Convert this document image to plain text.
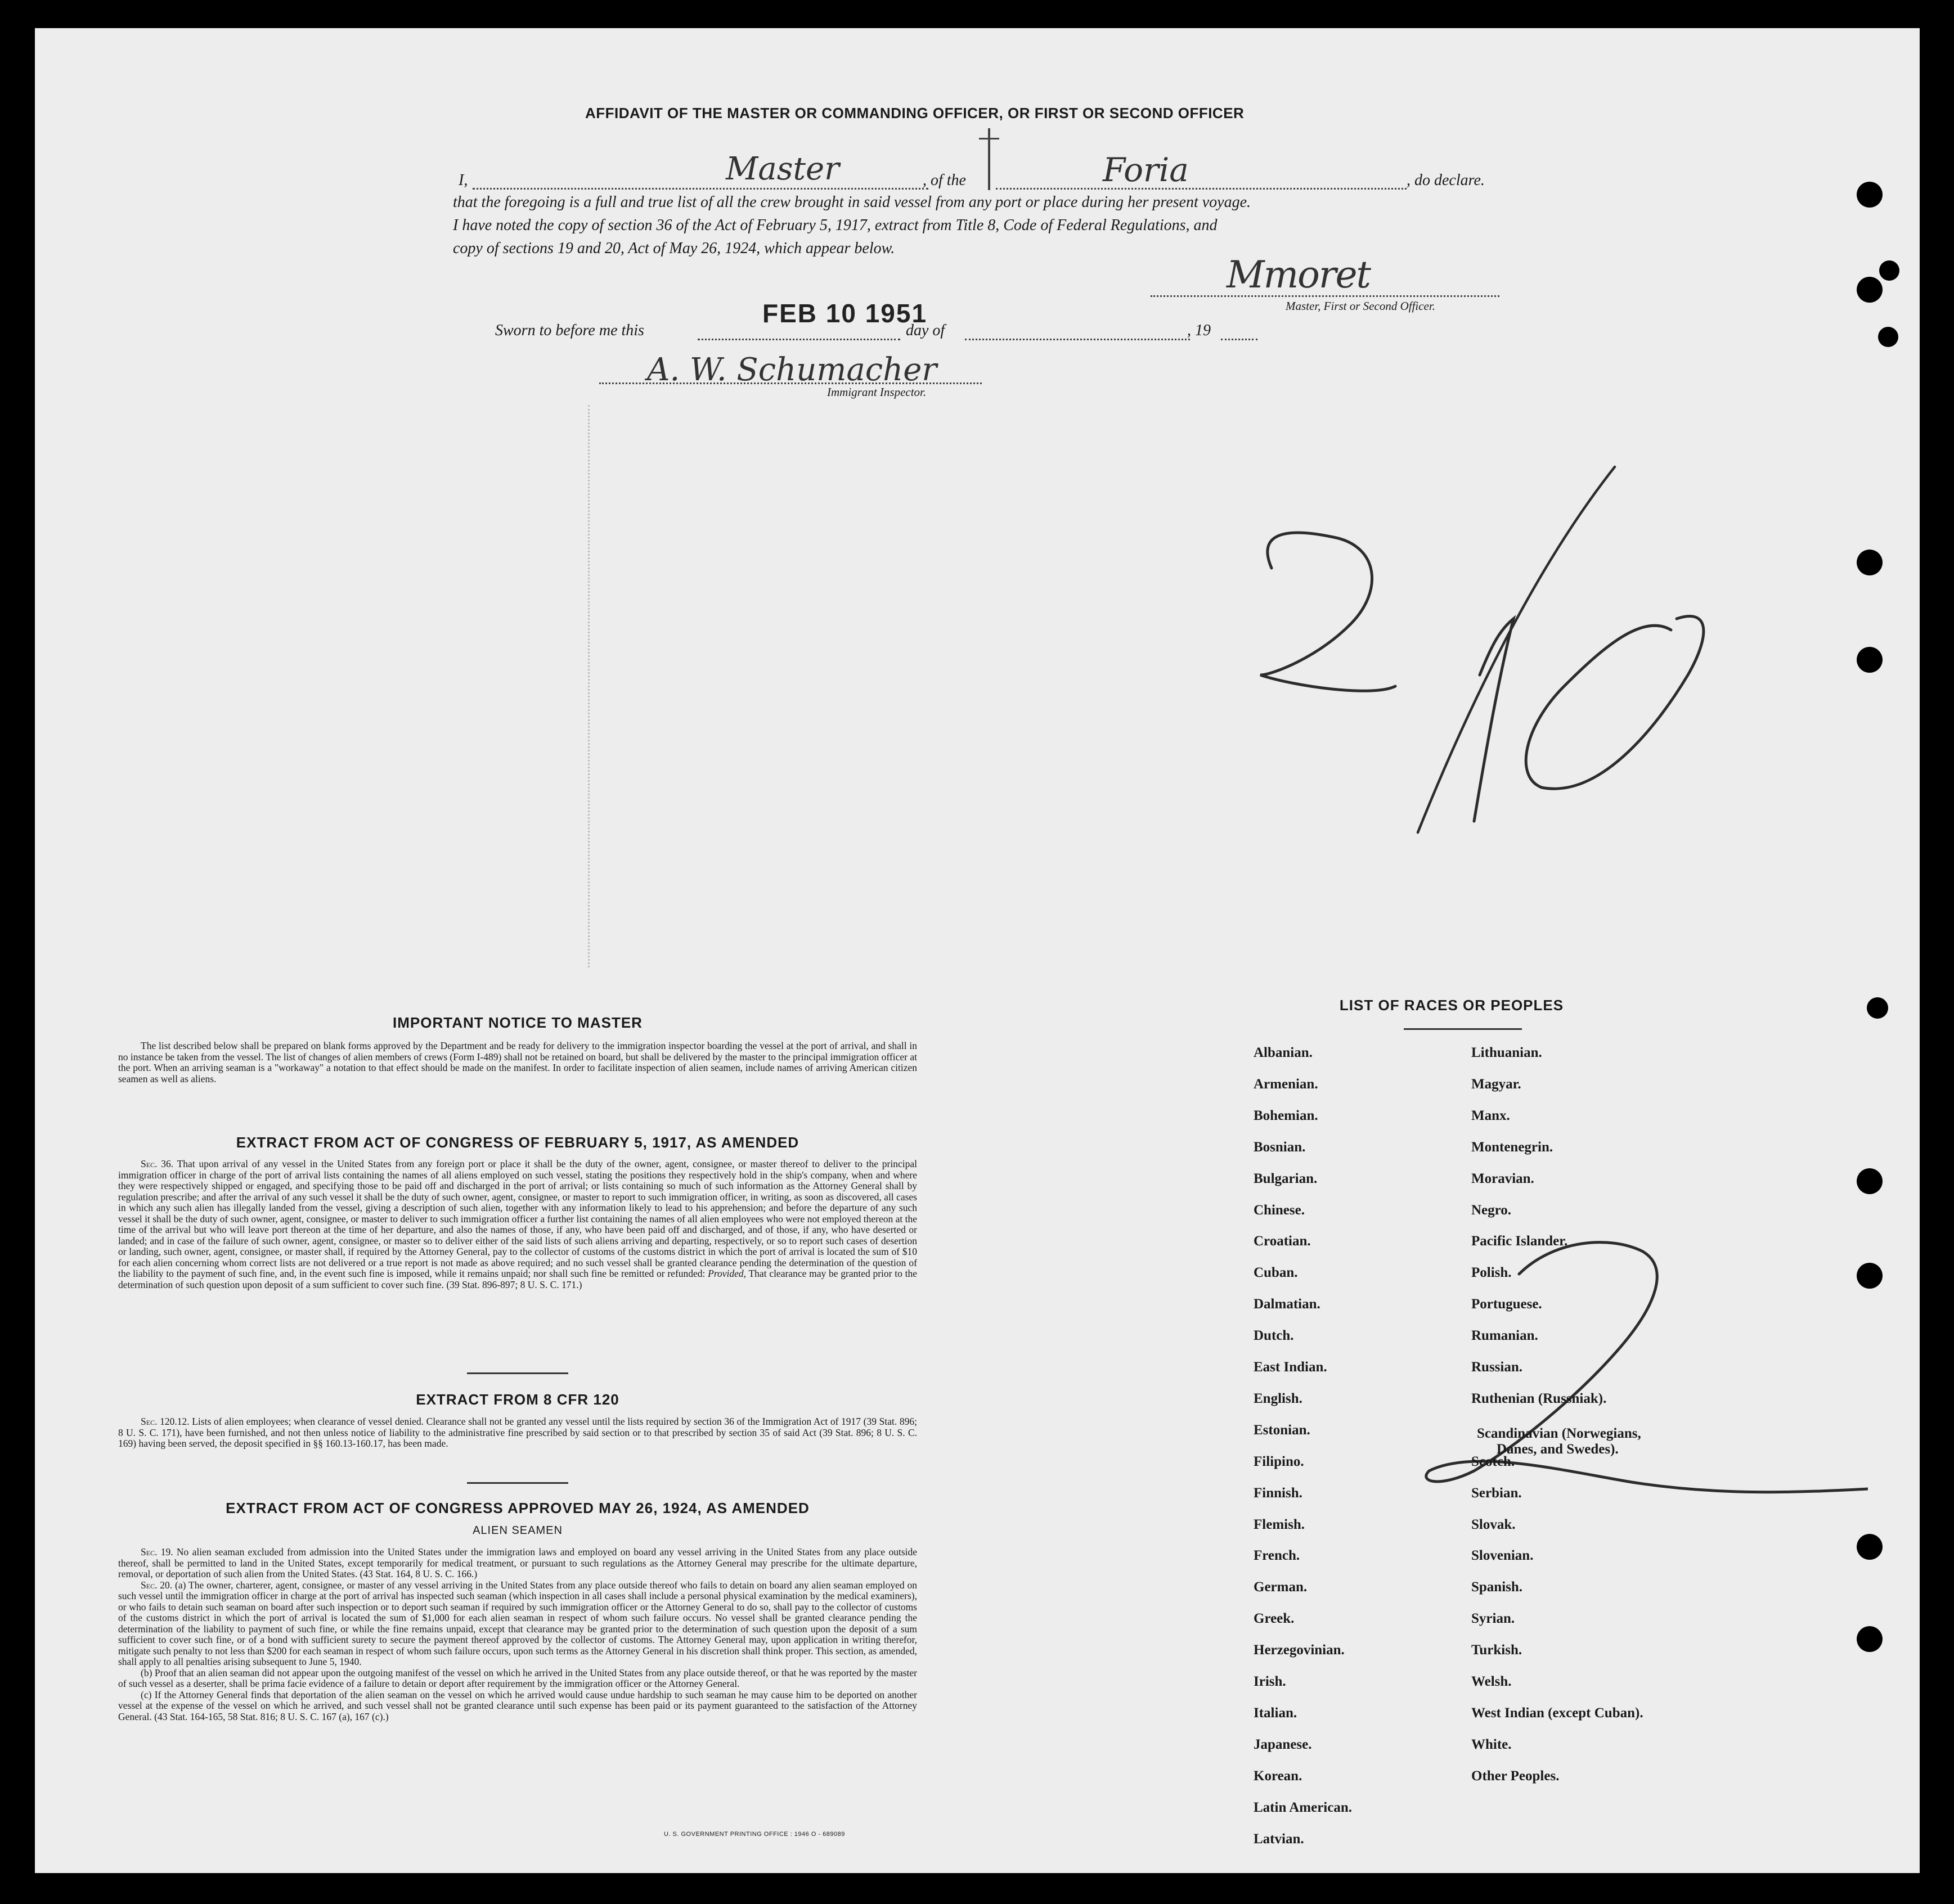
AFFIDAVIT OF THE MASTER OR COMMANDING OFFICER, OR FIRST OR SECOND OFFICER
I,	Master	, of the	Foria	, do declare.
that the foregoing is a full and true list of all the crew brought in said vessel from any port or place during her present voyage.
I have noted the copy of section 36 of the Act of February 5, 1917, extract from Title 8, Code of Federal Regulations, and
copy of sections 19 and 20, Act of May 26, 1924, which appear below.
Mmoret
Master, First or Second Officer.
Sworn to before me this
FEB 10 1951
day of	, 19
A. W. Schumacher
Immigrant Inspector.
IMPORTANT NOTICE TO MASTER

The list described below shall be prepared on blank forms approved by the Department and be ready for delivery to the immigration inspector boarding the vessel at the port of arrival, and shall in no instance be taken from the vessel. The list of changes of alien members of crews (Form I-489) shall not be retained on board, but shall be delivered by the master to the principal immigration officer at the port. When an arriving seaman is a "workaway" a notation to that effect should be made on the manifest. In order to facilitate inspection of alien seamen, include names of arriving American citizen seamen as well as aliens.

EXTRACT FROM ACT OF CONGRESS OF FEBRUARY 5, 1917, AS AMENDED

Sec. 36. That upon arrival of any vessel in the United States from any foreign port or place it shall be the duty of the owner, agent, consignee, or master thereof to deliver to the principal immigration officer in charge of the port of arrival lists containing the names of all aliens employed on such vessel, stating the positions they respectively hold in the ship's company, when and where they were respectively shipped or engaged, and specifying those to be paid off and discharged in the port of arrival; or lists containing so much of such information as the Attorney General shall by regulation prescribe; and after the arrival of any such vessel it shall be the duty of such owner, agent, consignee, or master to report to such immigration officer, in writing, as soon as discovered, all cases in which any such alien has illegally landed from the vessel, giving a description of such alien, together with any information likely to lead to his apprehension; and before the departure of any such vessel it shall be the duty of such owner, agent, consignee, or master to deliver to such immigration officer a further list containing the names of all alien employees who were not employed thereon at the time of the arrival but who will leave port thereon at the time of her departure, and also the names of those, if any, who have been paid off and discharged, and of those, if any, who have deserted or landed; and in case of the failure of such owner, agent, consignee, or master so to deliver either of the said lists of such aliens arriving and departing, respectively, or so to report such cases of desertion or landing, such owner, agent, consignee, or master shall, if required by the Attorney General, pay to the collector of customs of the customs district in which the port of arrival is located the sum of $10 for each alien concerning whom correct lists are not delivered or a true report is not made as above required; and no such vessel shall be granted clearance pending the determination of the question of the liability to the payment of such fine, and, in the event such fine is imposed, while it remains unpaid; nor shall such fine be remitted or refunded: Provided, That clearance may be granted prior to the determination of such question upon deposit of a sum sufficient to cover such fine. (39 Stat. 896-897; 8 U. S. C. 171.)

EXTRACT FROM 8 CFR 120

Sec. 120.12. Lists of alien employees; when clearance of vessel denied. Clearance shall not be granted any vessel until the lists required by section 36 of the Immigration Act of 1917 (39 Stat. 896; 8 U. S. C. 171), have been furnished, and not then unless notice of liability to the administrative fine prescribed by said section or to that prescribed by section 35 of said Act (39 Stat. 896; 8 U. S. C. 169) having been served, the deposit specified in §§ 160.13-160.17, has been made.

EXTRACT FROM ACT OF CONGRESS APPROVED MAY 26, 1924, AS AMENDED
ALIEN SEAMEN

Sec. 19. No alien seaman excluded from admission into the United States under the immigration laws and employed on board any vessel arriving in the United States from any place outside thereof, shall be permitted to land in the United States, except temporarily for medical treatment, or pursuant to such regulations as the Attorney General may prescribe for the ultimate departure, removal, or deportation of such alien from the United States. (43 Stat. 164, 8 U. S. C. 166.)

Sec. 20. (a) The owner, charterer, agent, consignee, or master of any vessel arriving in the United States from any place outside thereof who fails to detain on board any alien seaman employed on such vessel until the immigration officer in charge at the port of arrival has inspected such seaman (which inspection in all cases shall include a personal physical examination by the medical examiners), or who fails to detain such seaman on board after such inspection or to deport such seaman if required by such immigration officer or the Attorney General to do so, shall pay to the collector of customs of the customs district in which the port of arrival is located the sum of $1,000 for each alien seaman in respect of whom such failure occurs. No vessel shall be granted clearance pending the determination of the liability to payment of such fine, or while the fine remains unpaid, except that clearance may be granted prior to the determination of such question upon the deposit of a sum sufficient to cover such fine, or of a bond with sufficient surety to secure the payment thereof approved by the collector of customs. The Attorney General may, upon application in writing therefor, mitigate such penalty to not less than $200 for each seaman in respect of whom such failure occurs, upon such terms as the Attorney General in his discretion shall think proper. This section, as amended, shall apply to all penalties arising subsequent to June 5, 1940.

(b) Proof that an alien seaman did not appear upon the outgoing manifest of the vessel on which he arrived in the United States from any place outside thereof, or that he was reported by the master of such vessel as a deserter, shall be prima facie evidence of a failure to detain or deport after requirement by the immigration officer or the Attorney General.

(c) If the Attorney General finds that deportation of the alien seaman on the vessel on which he arrived would cause undue hardship to such seaman he may cause him to be deported on another vessel at the expense of the vessel on which he arrived, and such vessel shall not be granted clearance until such expense has been paid or its payment guaranteed to the satisfaction of the Attorney General. (43 Stat. 164-165, 58 Stat. 816; 8 U. S. C. 167 (a), 167 (c).)

U. S. GOVERNMENT PRINTING OFFICE : 1946 O - 689089
LIST OF RACES OR PEOPLES
Albanian.
Armenian.
Bohemian.
Bosnian.
Bulgarian.
Chinese.
Croatian.
Cuban.
Dalmatian.
Dutch.
East Indian.
English.
Estonian.
Filipino.
Finnish.
Flemish.
French.
German.
Greek.
Herzegovinian.
Irish.
Italian.
Japanese.
Korean.
Latin American.
Latvian.
Lithuanian.
Magyar.
Manx.
Montenegrin.
Moravian.
Negro.
Pacific Islander.
Polish.
Portuguese.
Rumanian.
Russian.
Ruthenian (Russniak).
Scandinavian (Norwegians,
Danes, and Swedes).
Scotch.
Serbian.
Slovak.
Slovenian.
Spanish.
Syrian.
Turkish.
Welsh.
West Indian (except Cuban).
White.
Other Peoples.
